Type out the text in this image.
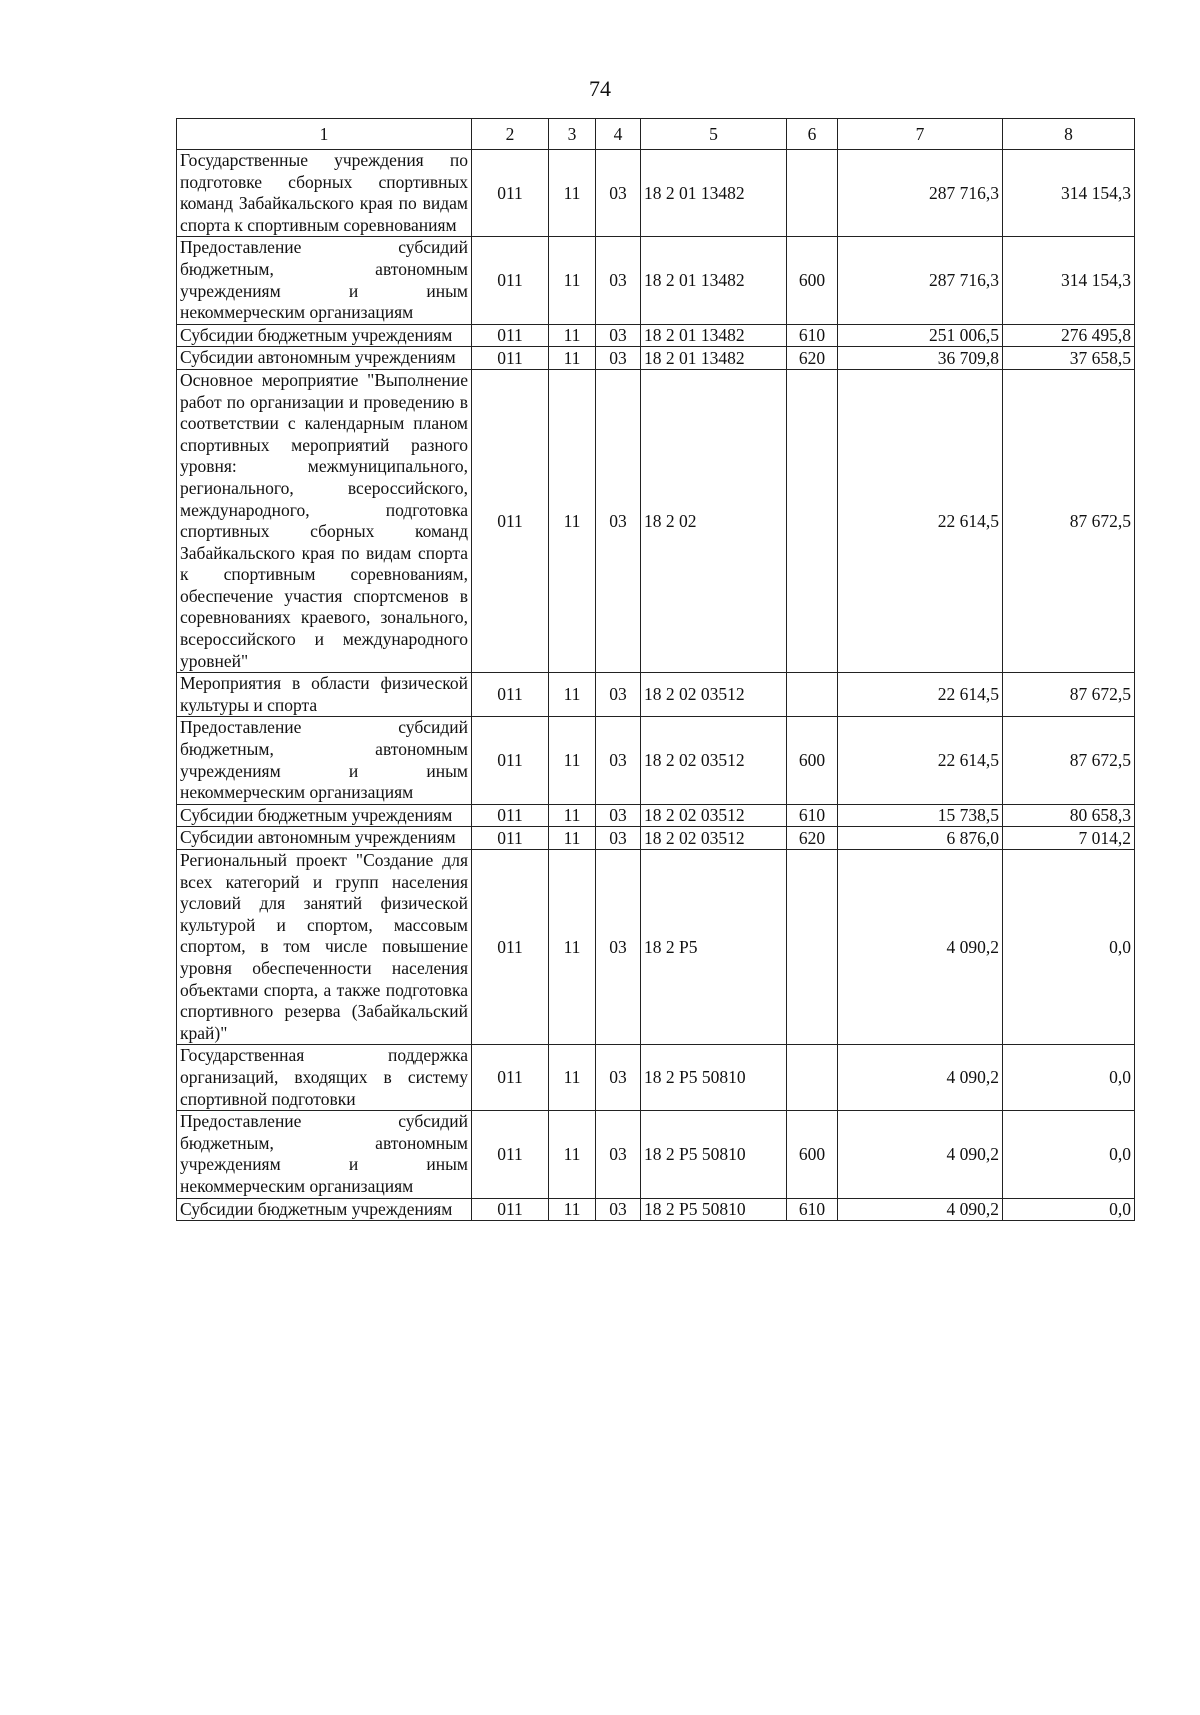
74
1	2	3	4	5	6	7	8
Государственные учреждения по подготовке сборных спортивных команд Забайкальского края по видам спорта к спортивным соревнованиям	011	11	03	18 2 01 13482		287 716,3	314 154,3
Предоставление субсидий бюджетным, автономным учреждениям и иным некоммерческим организациям	011	11	03	18 2 01 13482	600	287 716,3	314 154,3
Субсидии бюджетным учреждениям	011	11	03	18 2 01 13482	610	251 006,5	276 495,8
Субсидии автономным учреждениям	011	11	03	18 2 01 13482	620	36 709,8	37 658,5
Основное мероприятие "Выполнение работ по организации и проведению в соответствии с календарным планом спортивных мероприятий разного уровня: межмуниципального, регионального, всероссийского, международного, подготовка спортивных сборных команд Забайкальского края по видам спорта к спортивным соревнованиям, обеспечение участия спортсменов в соревнованиях краевого, зонального, всероссийского и международного уровней"	011	11	03	18 2 02		22 614,5	87 672,5
Мероприятия в области физической культуры и спорта	011	11	03	18 2 02 03512		22 614,5	87 672,5
Предоставление субсидий бюджетным, автономным учреждениям и иным некоммерческим организациям	011	11	03	18 2 02 03512	600	22 614,5	87 672,5
Субсидии бюджетным учреждениям	011	11	03	18 2 02 03512	610	15 738,5	80 658,3
Субсидии автономным учреждениям	011	11	03	18 2 02 03512	620	6 876,0	7 014,2
Региональный проект "Создание для всех категорий и групп населения условий для занятий физической культурой и спортом, массовым спортом, в том числе повышение уровня обеспеченности населения объектами спорта, а также подготовка спортивного резерва (Забайкальский край)"	011	11	03	18 2 P5		4 090,2	0,0
Государственная поддержка организаций, входящих в систему спортивной подготовки	011	11	03	18 2 P5 50810		4 090,2	0,0
Предоставление субсидий бюджетным, автономным учреждениям и иным некоммерческим организациям	011	11	03	18 2 P5 50810	600	4 090,2	0,0
Субсидии бюджетным учреждениям	011	11	03	18 2 P5 50810	610	4 090,2	0,0
